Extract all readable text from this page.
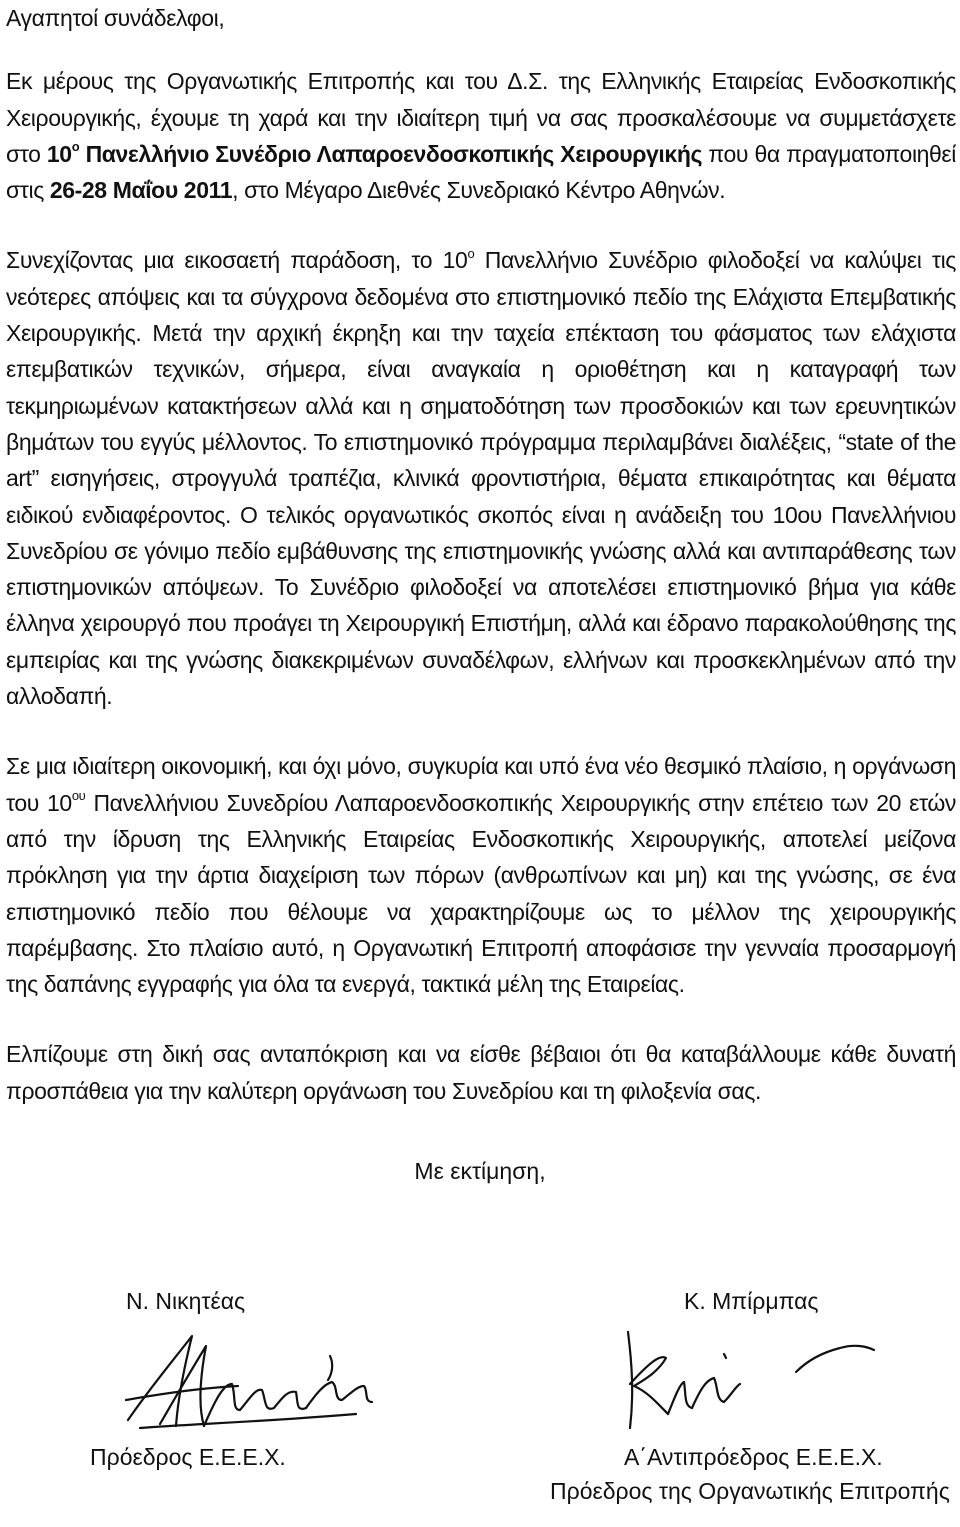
Αγαπητοί συνάδελφοι,

Εκ μέρους της Οργανωτικής Επιτροπής και του Δ.Σ. της Ελληνικής Εταιρείας Ενδοσκοπικής Χειρουργικής, έχουμε τη χαρά και την ιδιαίτερη τιμή να σας προσκαλέσουμε να συμμετάσχετε στο $10^o$ Πανελλήνιο Συνέδριο Λαπαροενδοσκοπικής Χειρουργικής που θα πραγματοποιηθεί στις 26-28 Μαΐου 2011, στο Μέγαρο Διεθνές Συνεδριακό Κέντρο Αθηνών.

Συνεχίζοντας μια εικοσαετή παράδοση, το $10^o$ Πανελλήνιο Συνέδριο φιλοδοξεί να καλύψει τις νεότερες απόψεις και τα σύγχρονα δεδομένα στο επιστημονικό πεδίο της Ελάχιστα Επεμβατικής Χειρουργικής. Μετά την αρχική έκρηξη και την ταχεία επέκταση του φάσματος των ελάχιστα επεμβατικών τεχνικών, σήμερα, είναι αναγκαία η οριοθέτηση και η καταγραφή των τεκμηριωμένων κατακτήσεων αλλά και η σηματοδότηση των προσδοκιών και των ερευνητικών βημάτων του εγγύς μέλλοντος. Το επιστημονικό πρόγραμμα περιλαμβάνει διαλέξεις, “state of the art” εισηγήσεις, στρογγυλά τραπέζια, κλινικά φροντιστήρια, θέματα επικαιρότητας και θέματα ειδικού ενδιαφέροντος. Ο τελικός οργανωτικός σκοπός είναι η ανάδειξη του 10ου Πανελλήνιου Συνεδρίου σε γόνιμο πεδίο εμβάθυνσης της επιστημονικής γνώσης αλλά και αντιπαράθεσης των επιστημονικών απόψεων. Το Συνέδριο φιλοδοξεί να αποτελέσει επιστημονικό βήμα για κάθε έλληνα χειρουργό που προάγει τη Χειρουργική Επιστήμη, αλλά και έδρανο παρακολούθησης της εμπειρίας και της γνώσης διακεκριμένων συναδέλφων, ελλήνων και προσκεκλημένων από την αλλοδαπή.

Σε μια ιδιαίτερη οικονομική, και όχι μόνο, συγκυρία και υπό ένα νέο θεσμικό πλαίσιο, η οργάνωση του $10^{o\upsilon}$ Πανελλήνιου Συνεδρίου Λαπαροενδοσκοπικής Χειρουργικής στην επέτειο των 20 ετών από την ίδρυση της Ελληνικής Εταιρείας Ενδοσκοπικής Χειρουργικής, αποτελεί μείζονα πρόκληση για την άρτια διαχείριση των πόρων (ανθρωπίνων και μη) και της γνώσης, σε ένα επιστημονικό πεδίο που θέλουμε να χαρακτηρίζουμε ως το μέλλον της χειρουργικής παρέμβασης. Στο πλαίσιο αυτό, η Οργανωτική Επιτροπή αποφάσισε την γενναία προσαρμογή της δαπάνης εγγραφής για όλα τα ενεργά, τακτικά μέλη της Εταιρείας.

Ελπίζουμε στη δική σας ανταπόκριση και να είσθε βέβαιοι ότι θα καταβάλλουμε κάθε δυνατή προσπάθεια για την καλύτερη οργάνωση του Συνεδρίου και τη φιλοξενία σας.

Με εκτίμηση,
Ν. Νικητέας
Πρόεδρος Ε.Ε.Ε.Χ.
Κ. Μπίρμπας
Α΄Αντιπρόεδρος Ε.Ε.Ε.Χ.
Πρόεδρος της Οργανωτικής Επιτροπής
